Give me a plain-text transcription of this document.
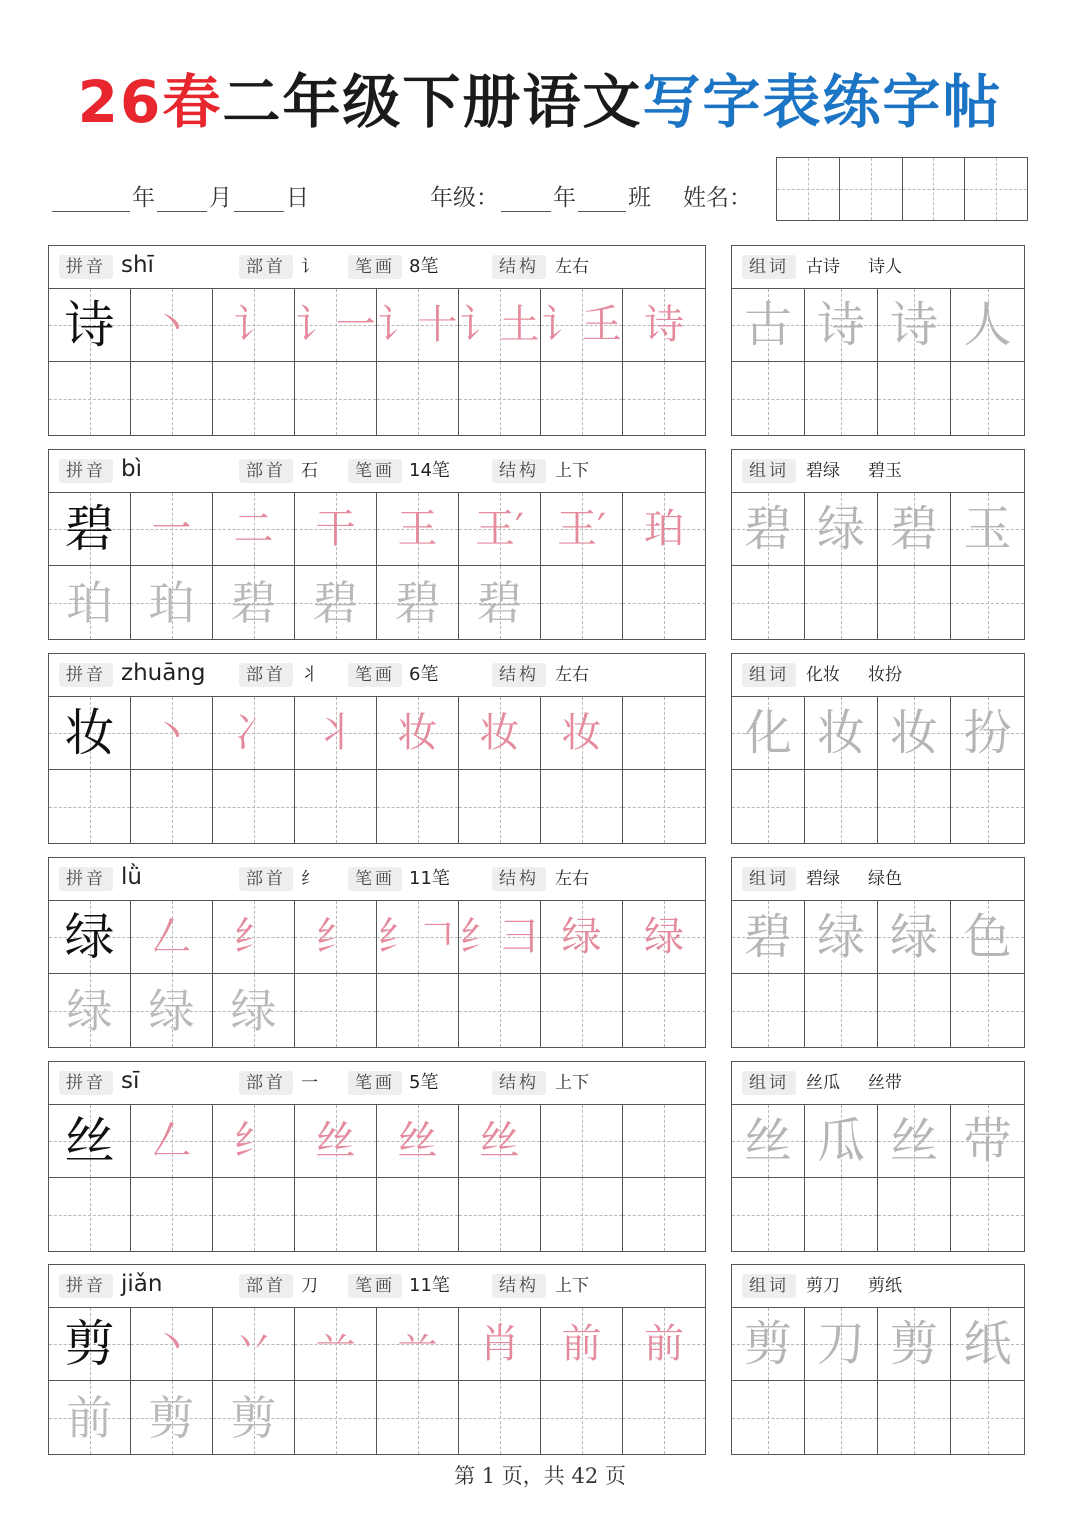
26春二年级下册语文写字表练字帖
年 月 日	年级： 年 班 姓名：
拼音 shī	部首 讠	笔画 8笔	结构 左右
诗 丶 讠 讠一 讠十 讠土 讠𡈼 诗
组词	古诗 诗人
古 诗 诗 人
拼音 bì	部首 石	笔画 14笔	结构 上下
碧 一 二 干 王 王′ 王′ 珀
珀 珀 碧 碧 碧 碧
组词	碧绿 碧玉
碧 绿 碧 玉
拼音 zhuāng	部首 丬	笔画 6笔	结构 左右
妆 丶 冫 丬 妆 妆 妆
组词	化妆 妆扮
化 妆 妆 扮
拼音 lǜ	部首 纟	笔画 11笔	结构 左右
绿 𠃋 纟 纟 纟𠃍 纟彐 绿 绿
绿 绿 绿
组词	碧绿 绿色
碧 绿 绿 色
拼音 sī	部首 一	笔画 5笔	结构 上下
丝 𠃋 纟 丝 丝 丝
组词	丝瓜 丝带
丝 瓜 丝 带
拼音 jiǎn	部首 刀	笔画 11笔	结构 上下
剪 丶 丷 䒑 䒑 肖 前 前
前 剪 剪
组词	剪刀 剪纸
剪 刀 剪 纸
第 1 页，共 42 页
